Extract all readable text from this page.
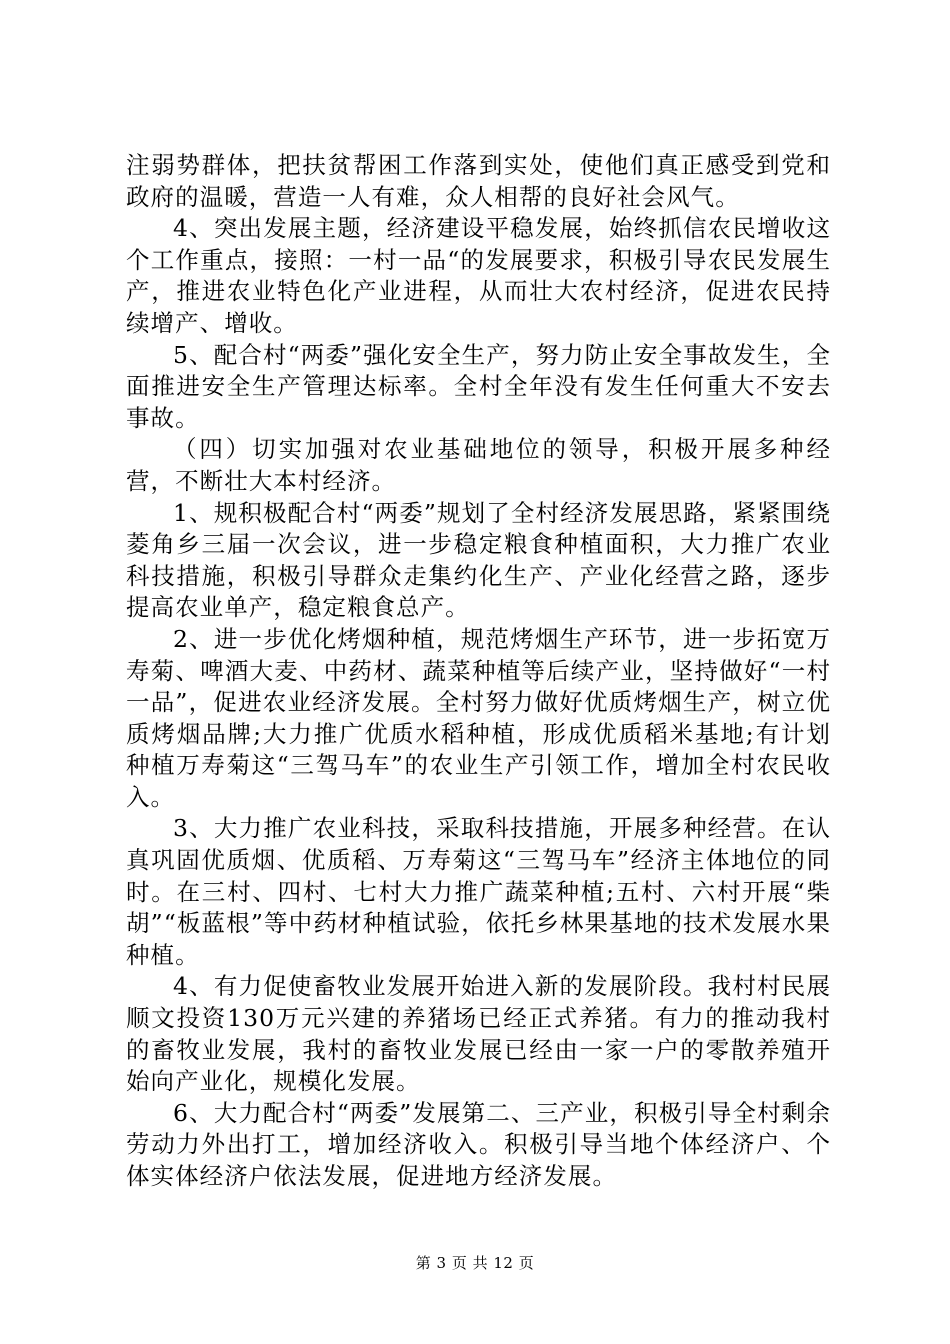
注弱势群体，把扶贫帮困工作落到实处，使他们真正感受到党和政府的温暖，营造一人有难，众人相帮的良好社会风气。

4、突出发展主题，经济建设平稳发展，始终抓信农民增收这个工作重点，接照：一村一品“的发展要求，积极引导农民发展生产，推进农业特色化产业进程，从而壮大农村经济，促进农民持续增产、增收。

5、配合村“两委”强化安全生产，努力防止安全事故发生，全面推进安全生产管理达标率。全村全年没有发生任何重大不安去事故。

（四）切实加强对农业基础地位的领导，积极开展多种经营，不断壮大本村经济。

1、规积极配合村“两委”规划了全村经济发展思路，紧紧围绕菱角乡三届一次会议，进一步稳定粮食种植面积，大力推广农业科技措施，积极引导群众走集约化生产、产业化经营之路，逐步提高农业单产，稳定粮食总产。

2、进一步优化烤烟种植，规范烤烟生产环节，进一步拓宽万寿菊、啤酒大麦、中药材、蔬菜种植等后续产业，坚持做好“一村一品”，促进农业经济发展。全村努力做好优质烤烟生产，树立优质烤烟品牌;大力推广优质水稻种植，形成优质稻米基地;有计划种植万寿菊这“三驾马车”的农业生产引领工作，增加全村农民收入。

3、大力推广农业科技，采取科技措施，开展多种经营。在认真巩固优质烟、优质稻、万寿菊这“三驾马车”经济主体地位的同时。在三村、四村、七村大力推广蔬菜种植;五村、六村开展“柴胡”“板蓝根”等中药材种植试验，依托乡林果基地的技术发展水果种植。

4、有力促使畜牧业发展开始进入新的发展阶段。我村村民展顺文投资130万元兴建的养猪场已经正式养猪。有力的推动我村的畜牧业发展，我村的畜牧业发展已经由一家一户的零散养殖开始向产业化，规模化发展。

6、大力配合村“两委”发展第二、三产业，积极引导全村剩余劳动力外出打工，增加经济收入。积极引导当地个体经济户、个体实体经济户依法发展，促进地方经济发展。

第 3 页 共 12 页
